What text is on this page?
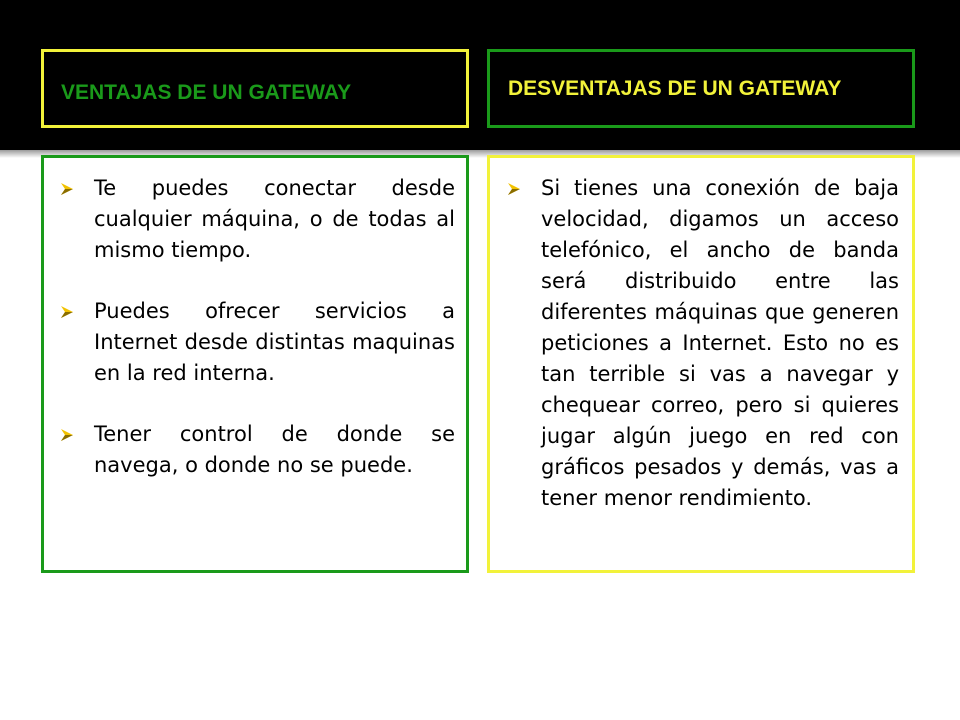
VENTAJAS DE UN GATEWAY	DESVENTAJAS DE UN GATEWAY
Te puedes conectar desde cualquier máquina, o de todas al mismo tiempo.
Puedes ofrecer servicios a Internet desde distintas maquinas en la red interna.
Tener control de donde se navega, o donde no se puede.
Si tienes una conexión de baja velocidad, digamos un acceso telefónico, el ancho de banda será distribuido entre las diferentes máquinas que generen peticiones a Internet. Esto no es tan terrible si vas a navegar y chequear correo, pero si quieres jugar algún juego en red con gráficos pesados y demás, vas a tener menor rendimiento.
